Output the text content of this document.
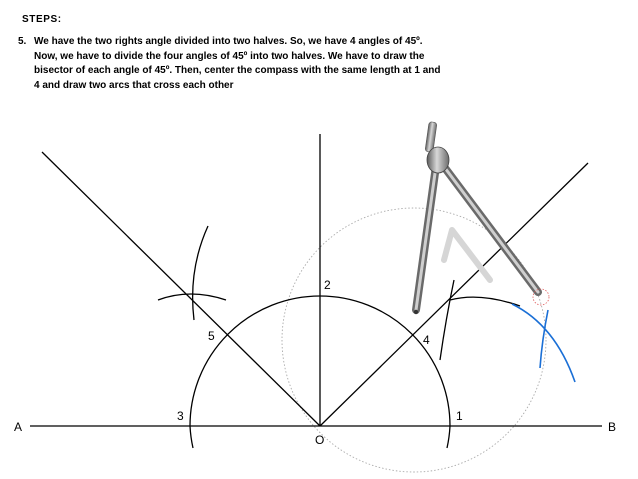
STEPS:
5. We have the two rights angle divided into two halves. So, we have 4 angles of 45º. Now, we have to divide the four angles of 45º into two halves. We have to draw the bisector of each angle of 45º. Then, center the compass with the same length at 1 and 4 and draw two arcs that cross each other
A	B
O
1
2
3
4
5
